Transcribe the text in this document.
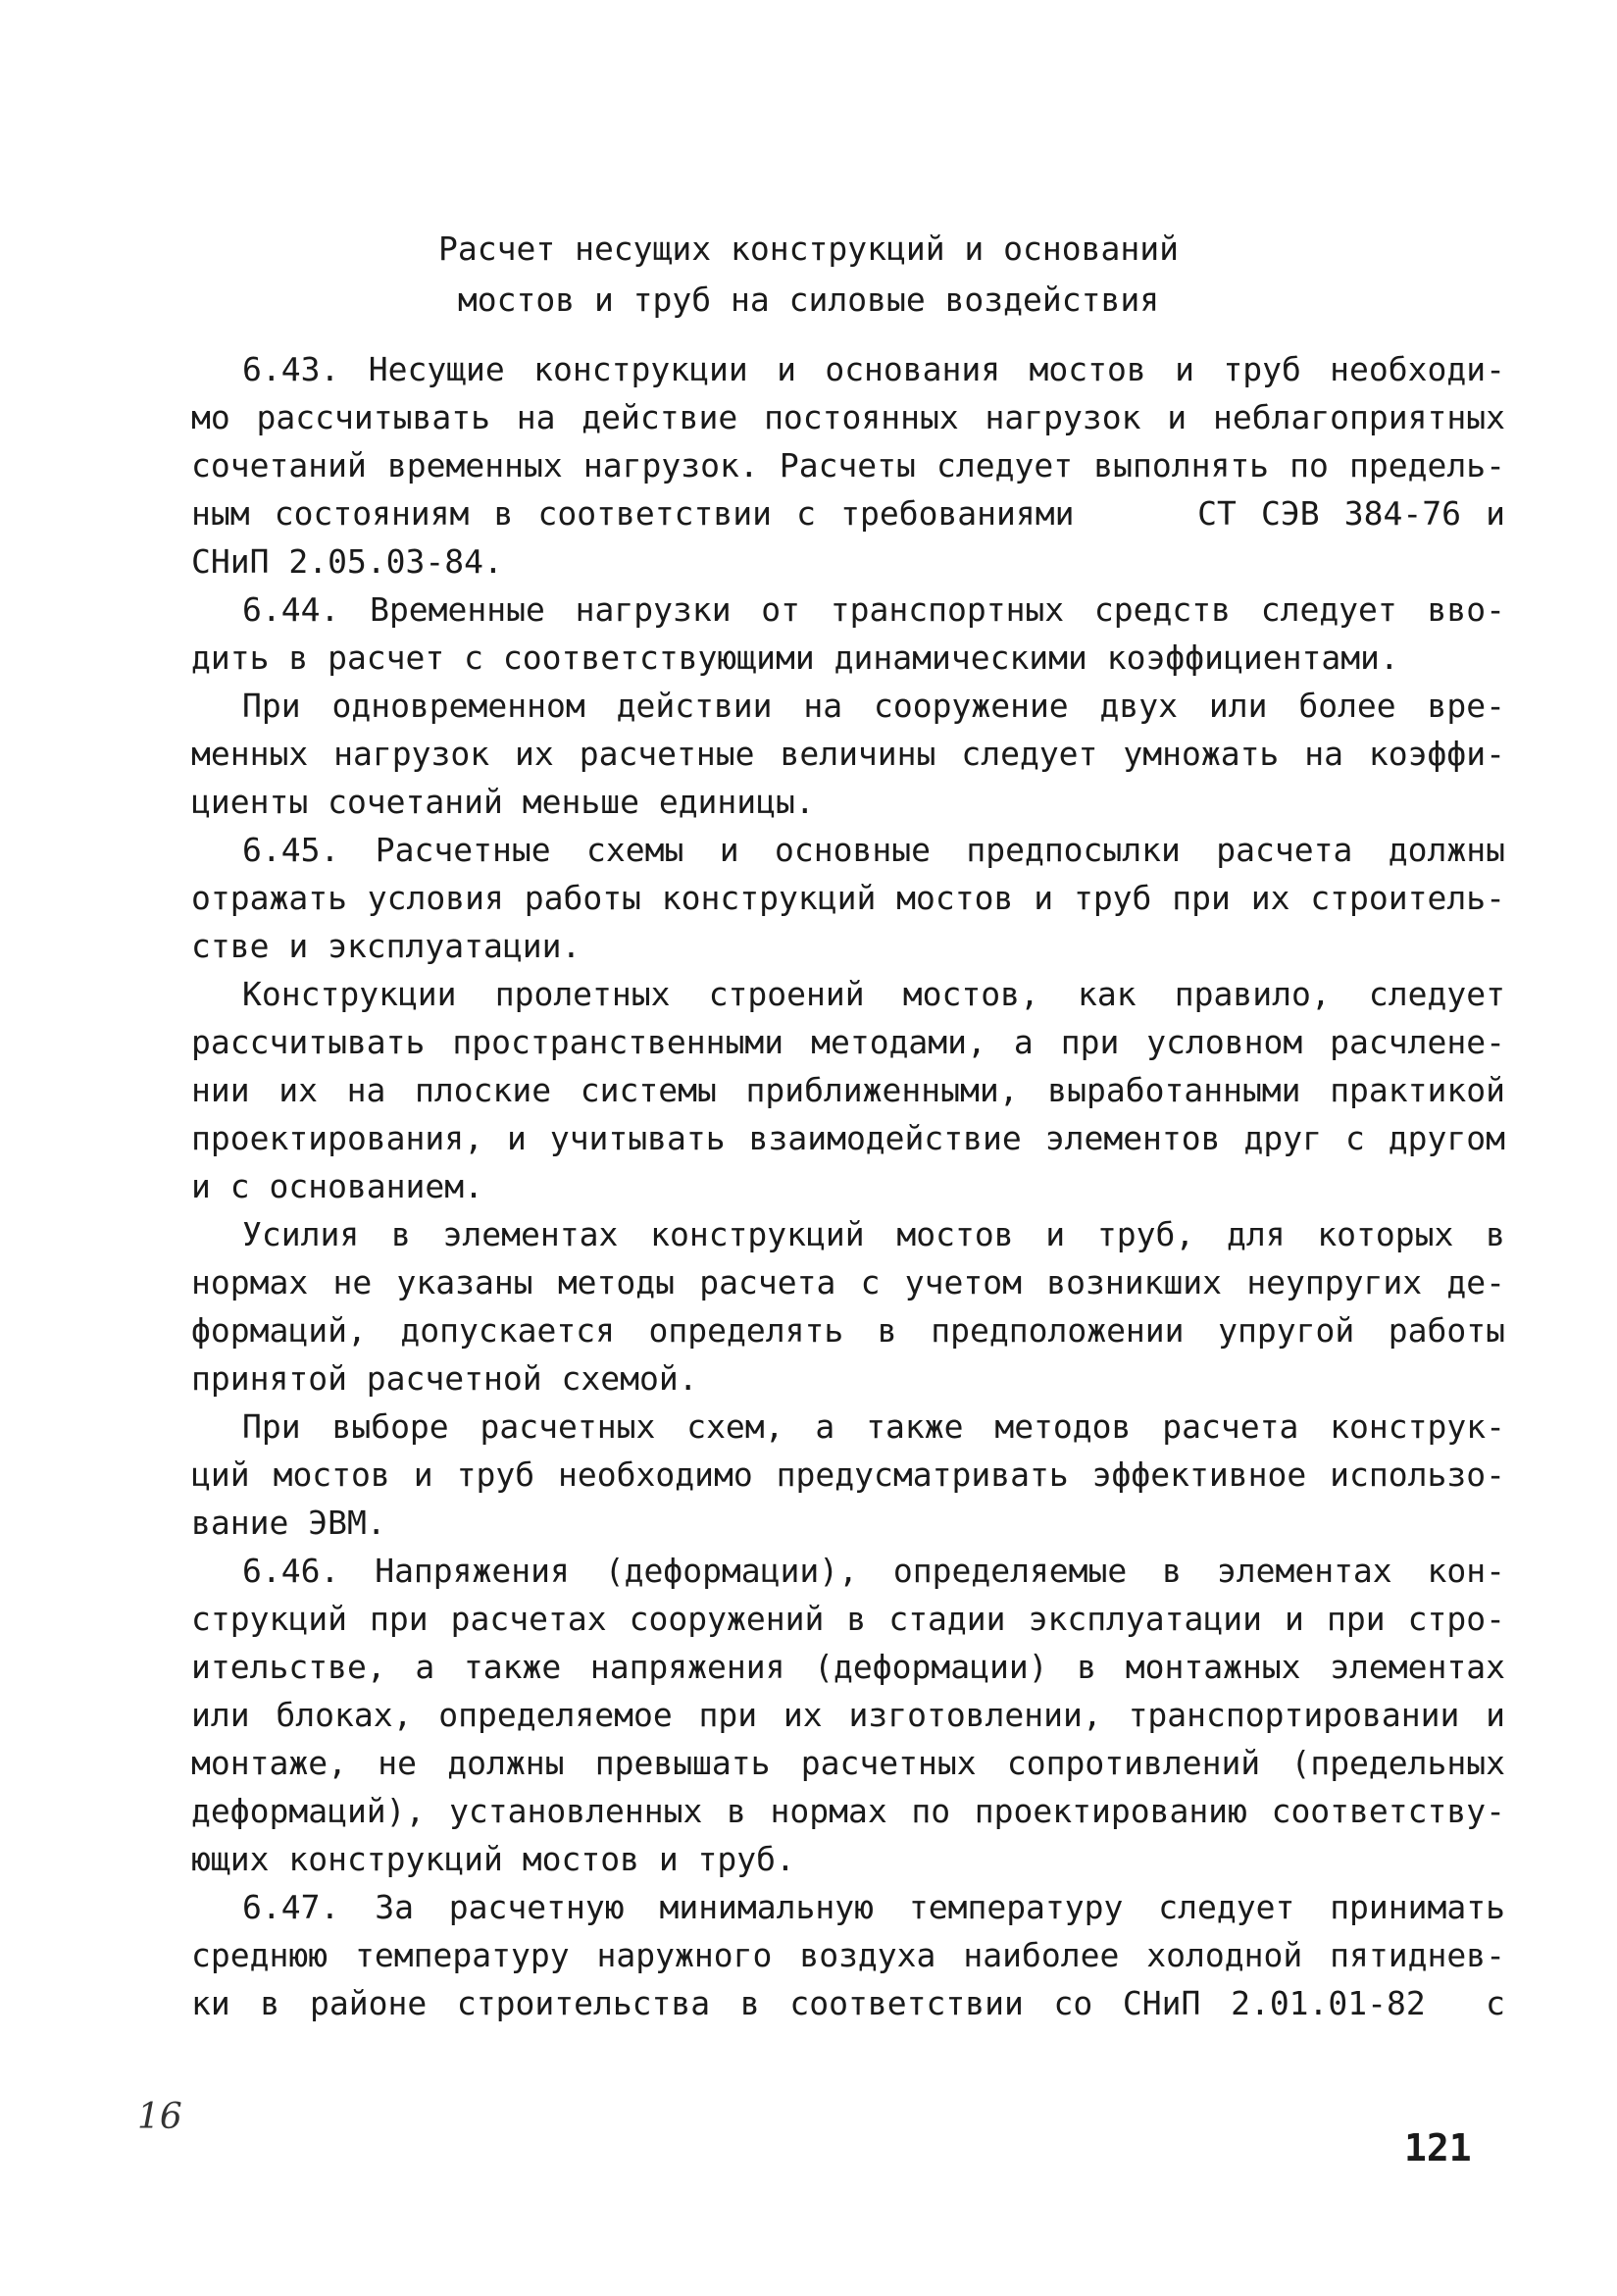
Расчет несущих конструкций и оснований
мостов и труб на силовые воздействия
6.43. Несущие конструкции и основания мостов и труб необходи-
мо рассчитывать на действие постоянных нагрузок и неблагоприятных
сочетаний временных нагрузок. Расчеты следует выполнять по предель-
ным состояниям в соответствии с требованиями     СТ СЭВ 384-76 и
СНиП 2.05.03-84.
6.44. Временные нагрузки от транспортных средств следует вво-
дить в расчет с соответствующими динамическими коэффициентами.
При одновременном действии на сооружение двух или более вре-
менных нагрузок их расчетные величины следует умножать на коэффи-
циенты сочетаний меньше единицы.
6.45. Расчетные схемы и основные предпосылки расчета должны
отражать условия работы конструкций мостов и труб при их строитель-
стве и эксплуатации.
Конструкции пролетных строений мостов, как правило, следует
рассчитывать пространственными методами, а при условном расчлене-
нии их на плоские системы приближенными, выработанными практикой
проектирования, и учитывать взаимодействие элементов друг с другом
и с основанием.
Усилия в элементах конструкций мостов и труб, для которых в
нормах не указаны методы расчета с учетом возникших неупругих де-
формаций, допускается определять в предположении упругой работы
принятой расчетной схемой.
При выборе расчетных схем, а также методов расчета конструк-
ций мостов и труб необходимо предусматривать эффективное использо-
вание ЭВМ.
6.46. Напряжения (деформации), определяемые в элементах кон-
струкций при расчетах сооружений в стадии эксплуатации и при стро-
ительстве, а также напряжения (деформации) в монтажных элементах
или блоках, определяемое при их изготовлении, транспортировании и
монтаже, не должны превышать расчетных сопротивлений (предельных
деформаций), установленных в нормах по проектированию соответству-
ющих конструкций мостов и труб.
6.47. За расчетную минимальную температуру следует принимать
среднюю температуру наружного воздуха наиболее холодной пятиднев-
ки в районе строительства в соответствии со СНиП 2.01.01-82  с
16
121
